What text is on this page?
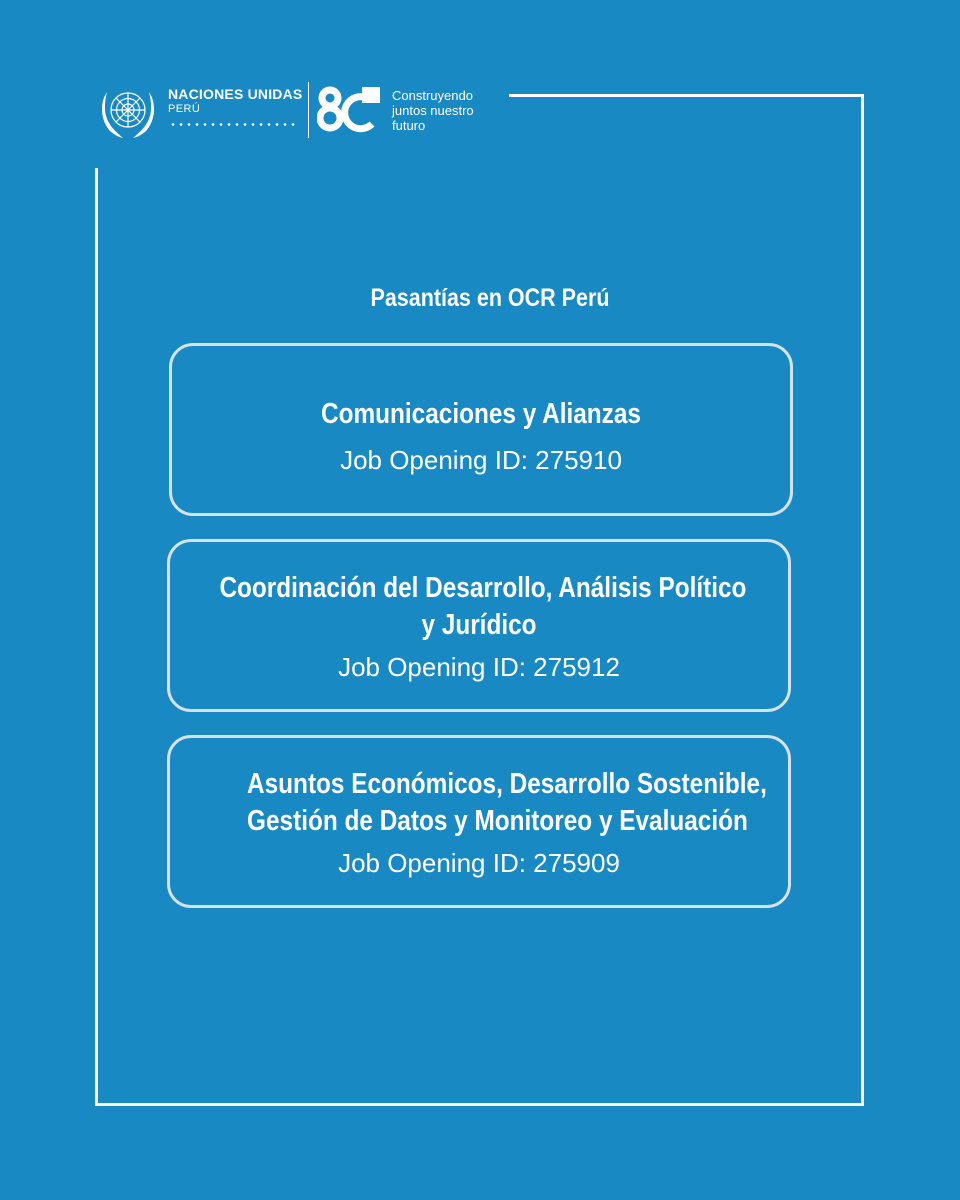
NACIONES UNIDAS
PERÚ
Construyendo
juntos nuestro
futuro
Pasantías en OCR Perú
Comunicaciones y Alianzas
Job Opening ID: 275910
Coordinación del Desarrollo, Análisis Político
y Jurídico
Job Opening ID: 275912
Asuntos Económicos, Desarrollo Sostenible,
Gestión de Datos y Monitoreo y Evaluación
Job Opening ID: 275909
